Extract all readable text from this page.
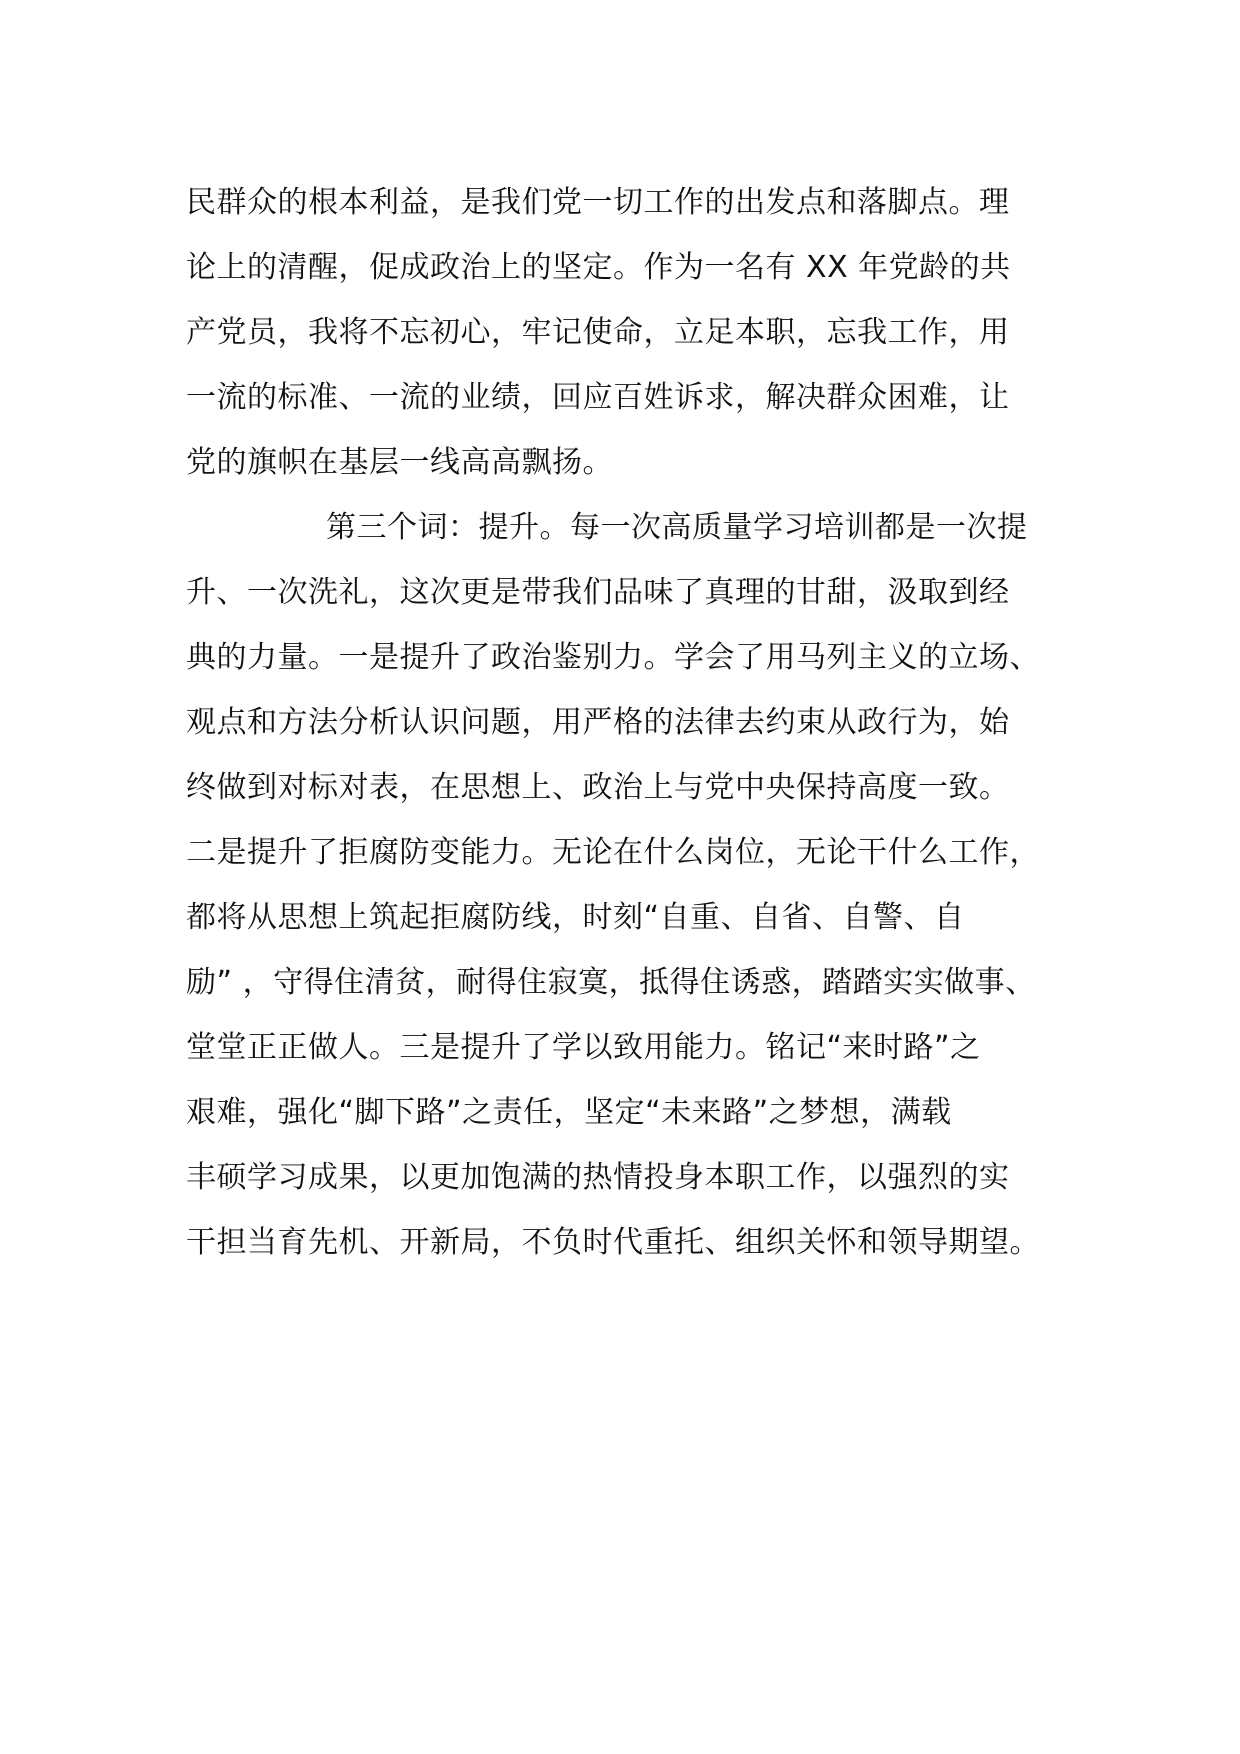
民群众的根本利益，是我们党一切工作的出发点和落脚点。理
论上的清醒，促成政治上的坚定。作为一名有 XX 年党龄的共
产党员，我将不忘初心，牢记使命，立足本职，忘我工作，用
一流的标准、一流的业绩，回应百姓诉求，解决群众困难，让
党的旗帜在基层一线高高飘扬。
第三个词：提升。每一次高质量学习培训都是一次提
升、一次洗礼，这次更是带我们品味了真理的甘甜，汲取到经
典的力量。一是提升了政治鉴别力。学会了用马列主义的立场、
观点和方法分析认识问题，用严格的法律去约束从政行为，始
终做到对标对表，在思想上、政治上与党中央保持高度一致。
二是提升了拒腐防变能力。无论在什么岗位，无论干什么工作，
都将从思想上筑起拒腐防线，时刻“自重、自省、自警、自
励” ，守得住清贫，耐得住寂寞，抵得住诱惑，踏踏实实做事、
堂堂正正做人。三是提升了学以致用能力。铭记“来时路”之
艰难，强化“脚下路”之责任，坚定“未来路”之梦想，满载
丰硕学习成果，以更加饱满的热情投身本职工作，以强烈的实
干担当育先机、开新局，不负时代重托、组织关怀和领导期望。
